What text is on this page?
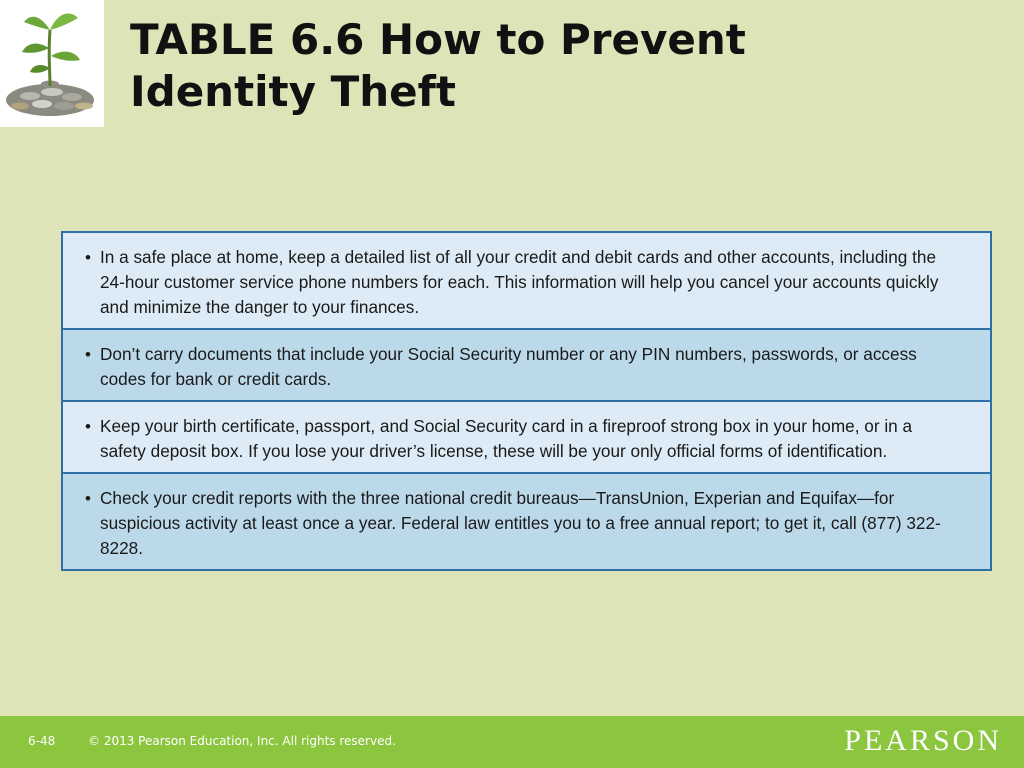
TABLE 6.6 How to Prevent
Identity Theft
• In a safe place at home, keep a detailed list of all your credit and debit cards and other accounts, including the 24-hour customer service phone numbers for each. This information will help you cancel your accounts quickly and minimize the danger to your finances.
• Don’t carry documents that include your Social Security number or any PIN numbers, passwords, or access codes for bank or credit cards.
• Keep your birth certificate, passport, and Social Security card in a fireproof strong box in your home, or in a safety deposit box. If you lose your driver’s license, these will be your only official forms of identification.
• Check your credit reports with the three national credit bureaus—TransUnion, Experian and Equifax—for suspicious activity at least once a year. Federal law entitles you to a free annual report; to get it, call (877) 322-8228.
6-48	© 2013 Pearson Education, Inc. All rights reserved.	PEARSON
